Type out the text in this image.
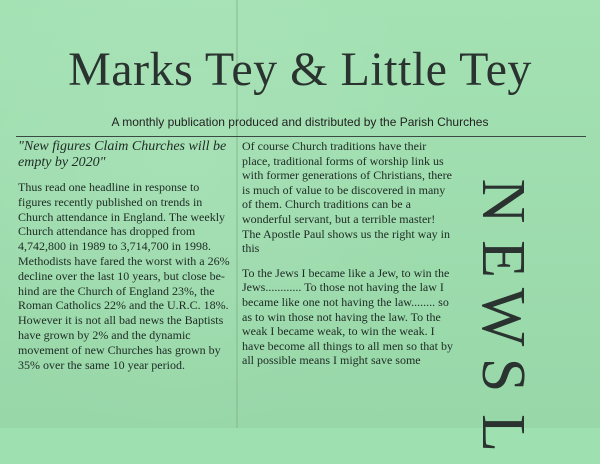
Marks Tey & Little Tey
A monthly publication produced and distributed by the Parish Churches

"New figures Claim Churches will be empty by 2020"

Thus read one headline in response to figures recently published on trends in Church attendance in England. The weekly Church attendance has dropped from 4,742,800 in 1989 to 3,714,700 in 1998. Methodists have fared the worst with a 26% decline over the last 10 years, but close be-hind are the Church of England 23%, the Roman Catholics 22% and the U.R.C. 18%. However it is not all bad news the Baptists have grown by 2% and the dynamic movement of new Churches has grown by 35% over the same 10 year period.

Of course Church traditions have their place, traditional forms of worship link us with former generations of Christians, there is much of value to be discovered in many of them. Church traditions can be a wonderful servant, but a terrible master! The Apostle Paul shows us the right way in this

To the Jews I became like a Jew, to win the Jews............ To those not having the law I became like one not having the law........ so as to win those not having the law. To the weak I became weak, to win the weak. I have become all things to all men so that by all possible means I might save some

N
E
W
S
L
